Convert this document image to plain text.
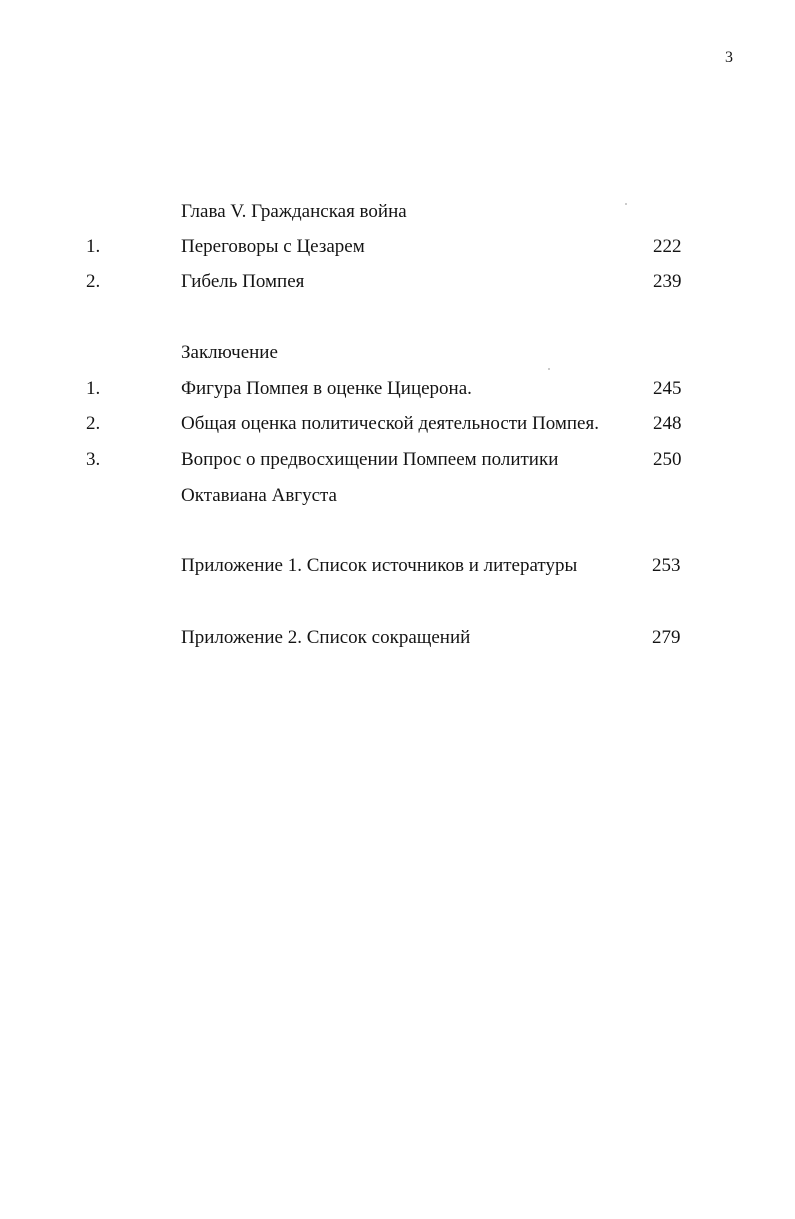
3
Глава V. Гражданская война
1.	Переговоры с Цезарем	222
2.	Гибель Помпея	239
Заключение
1.	Фигура Помпея в оценке Цицерона.	245
2.	Общая оценка политической деятельности Помпея.	248
3.	Вопрос о предвосхищении Помпеем политики	250
Октавиана Августа
Приложение 1. Список источников и литературы	253
Приложение 2. Список сокращений	279
